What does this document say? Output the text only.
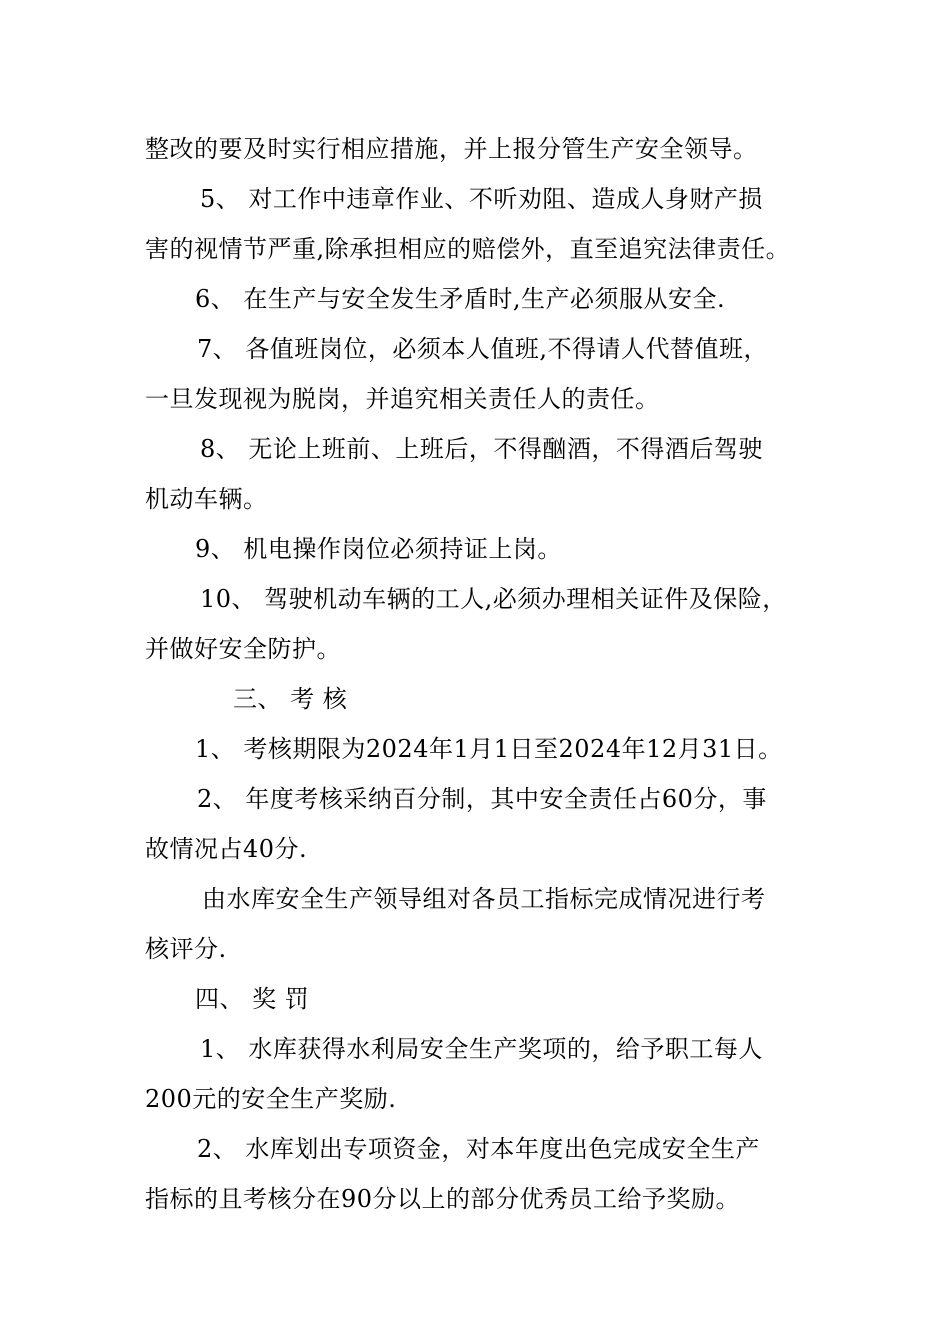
整改的要及时实行相应措施，并上报分管生产安全领导。

5、 对工作中违章作业、不听劝阻、造成人身财产损

害的视情节严重,除承担相应的赔偿外，直至追究法律责任。

6、 在生产与安全发生矛盾时,生产必须服从安全.

7、 各值班岗位，必须本人值班,不得请人代替值班，

一旦发现视为脱岗，并追究相关责任人的责任。

8、 无论上班前、上班后，不得酗酒，不得酒后驾驶

机动车辆。

9、 机电操作岗位必须持证上岗。

10、 驾驶机动车辆的工人,必须办理相关证件及保险，

并做好安全防护。

三、 考 核

1、 考核期限为2024年1月1日至2024年12月31日。

2、 年度考核采纳百分制，其中安全责任占60分，事

故情况占40分.

由水库安全生产领导组对各员工指标完成情况进行考

核评分.

四、 奖 罚

1、 水库获得水利局安全生产奖项的，给予职工每人

200元的安全生产奖励.

2、 水库划出专项资金，对本年度出色完成安全生产

指标的且考核分在90分以上的部分优秀员工给予奖励。
